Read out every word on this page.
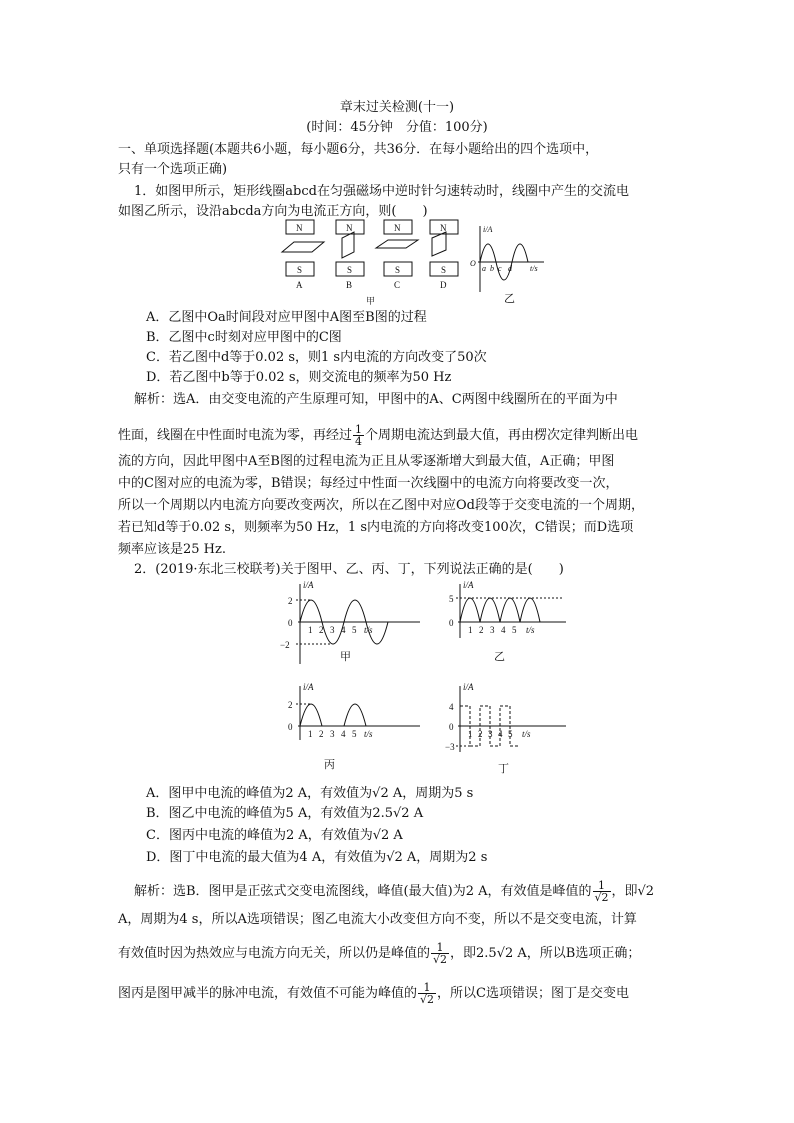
章末过关检测(十一)
(时间：45分钟　分值：100分)
一、单项选择题(本题共6小题，每小题6分，共36分．在每小题给出的四个选项中，
只有一个选项正确)
1．如图甲所示，矩形线圈abcd在匀强磁场中逆时针匀速转动时，线圈中产生的交流电
如图乙所示，设沿abcda方向为电流正方向，则(　　)
N
S
N
S
N
S
N
S
A	B	C	D
甲
i/A
O
a b c d t/s
乙
A．乙图中Oa时间段对应甲图中A图至B图的过程
B．乙图中c时刻对应甲图中的C图
C．若乙图中d等于0.02 s，则1 s内电流的方向改变了50次
D．若乙图中b等于0.02 s，则交流电的频率为50 Hz
解析：选A．由交变电流的产生原理可知，甲图中的A、C两图中线圈所在的平面为中
性面，线圈在中性面时电流为零，再经过 $\frac{1}{4}$ 个周期电流达到最大值，再由楞次定律判断出电
流的方向，因此甲图中A至B图的过程电流为正且从零逐渐增大到最大值，A正确；甲图
中的C图对应的电流为零，B错误；每经过中性面一次线圈中的电流方向将要改变一次，
所以一个周期以内电流方向要改变两次，所以在乙图中对应Od段等于交变电流的一个周期，
若已知d等于0.02 s，则频率为50 Hz，1 s内电流的方向将改变100次，C错误；而D选项
频率应该是25 Hz.
2．(2019·东北三校联考)关于图甲、乙、丙、丁，下列说法正确的是(　　)
i/A
2
0
−2
1 2 3 4 5 t/s
甲
i/A
5
0
1 2 3 4 5 t/s
乙
i/A
2
0
1 2 3 4 5 t/s
丙
i/A
4
0
−3
1 2 3 4 5 t/s
丁
A．图甲中电流的峰值为2 A，有效值为√2 A，周期为5 s
B．图乙中电流的峰值为5 A，有效值为2.5√2 A
C．图丙中电流的峰值为2 A，有效值为√2 A
D．图丁中电流的最大值为4 A，有效值为√2 A，周期为2 s
解析：选B．图甲是正弦式交变电流图线，峰值(最大值)为2 A，有效值是峰值的 $\frac{1}{√2}$ ，即√2
A，周期为4 s，所以A选项错误；图乙电流大小改变但方向不变，所以不是交变电流，计算
有效值时因为热效应与电流方向无关，所以仍是峰值的 $\frac{1}{√2}$ ，即2.5√2 A，所以B选项正确；
图丙是图甲减半的脉冲电流，有效值不可能为峰值的 $\frac{1}{√2}$ ，所以C选项错误；图丁是交变电
